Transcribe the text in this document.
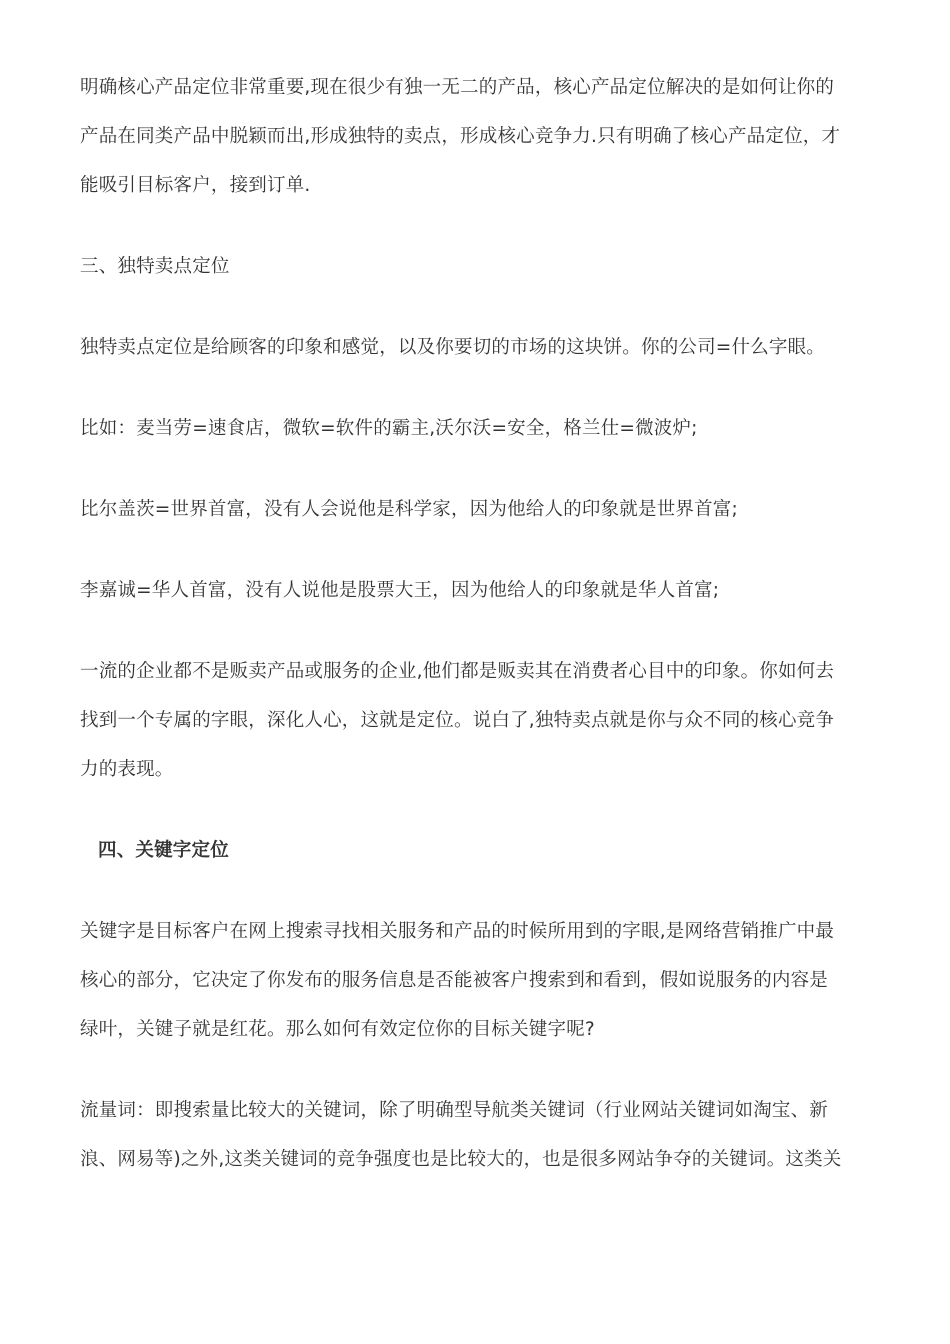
明确核心产品定位非常重要,现在很少有独一无二的产品，核心产品定位解决的是如何让你的
产品在同类产品中脱颖而出,形成独特的卖点，形成核心竞争力.只有明确了核心产品定位，才
能吸引目标客户，接到订单.

三、独特卖点定位

独特卖点定位是给顾客的印象和感觉，以及你要切的市场的这块饼。你的公司=什么字眼。

比如：麦当劳=速食店，微软=软件的霸主,沃尔沃=安全，格兰仕=微波炉;

比尔盖茨=世界首富，没有人会说他是科学家，因为他给人的印象就是世界首富;

李嘉诚=华人首富，没有人说他是股票大王，因为他给人的印象就是华人首富;

一流的企业都不是贩卖产品或服务的企业,他们都是贩卖其在消费者心目中的印象。你如何去
找到一个专属的字眼，深化人心，这就是定位。说白了,独特卖点就是你与众不同的核心竞争
力的表现。

四、关键字定位

关键字是目标客户在网上搜索寻找相关服务和产品的时候所用到的字眼,是网络营销推广中最
核心的部分，它决定了你发布的服务信息是否能被客户搜索到和看到，假如说服务的内容是
绿叶，关键子就是红花。那么如何有效定位你的目标关键字呢?

流量词：即搜索量比较大的关键词，除了明确型导航类关键词（行业网站关键词如淘宝、新
浪、网易等)之外,这类关键词的竞争强度也是比较大的，也是很多网站争夺的关键词。这类关
